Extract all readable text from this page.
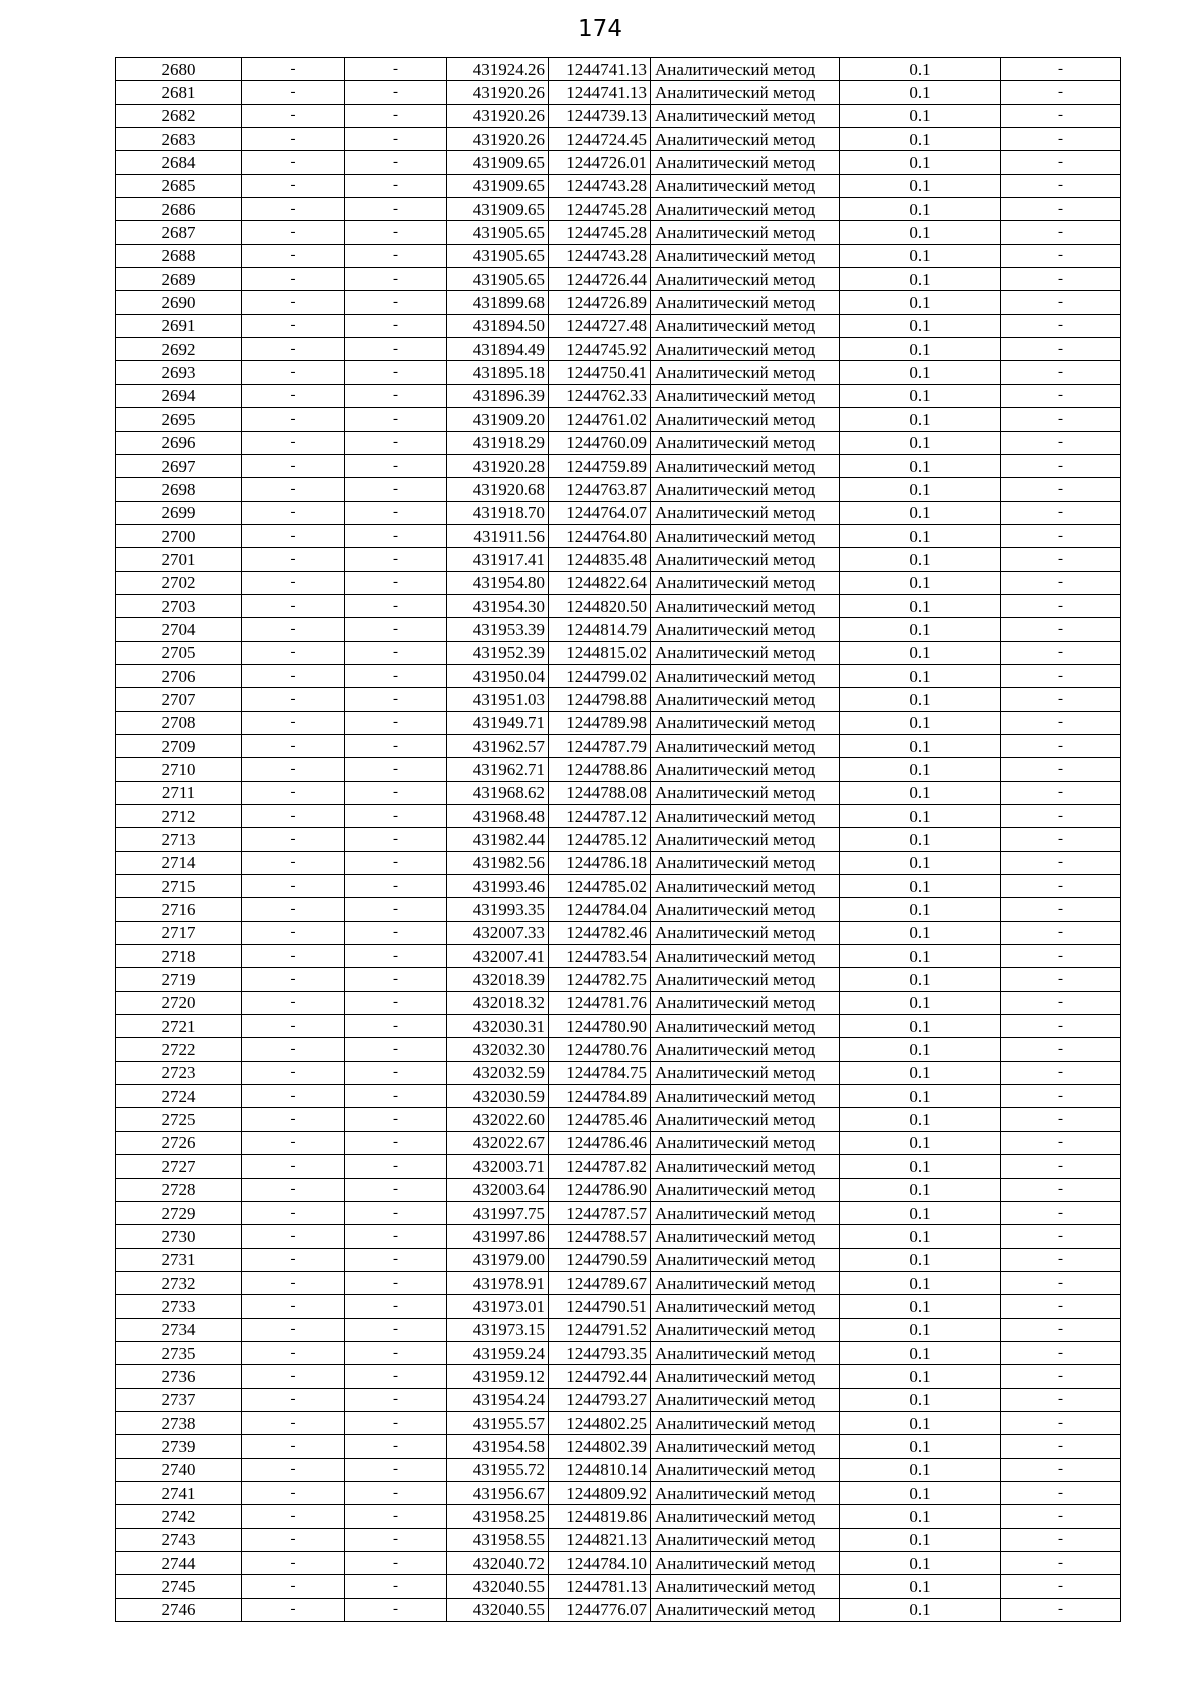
174
2680	-	-	431924.26	1244741.13	Аналитический метод	0.1	-
2681	-	-	431920.26	1244741.13	Аналитический метод	0.1	-
2682	-	-	431920.26	1244739.13	Аналитический метод	0.1	-
2683	-	-	431920.26	1244724.45	Аналитический метод	0.1	-
2684	-	-	431909.65	1244726.01	Аналитический метод	0.1	-
2685	-	-	431909.65	1244743.28	Аналитический метод	0.1	-
2686	-	-	431909.65	1244745.28	Аналитический метод	0.1	-
2687	-	-	431905.65	1244745.28	Аналитический метод	0.1	-
2688	-	-	431905.65	1244743.28	Аналитический метод	0.1	-
2689	-	-	431905.65	1244726.44	Аналитический метод	0.1	-
2690	-	-	431899.68	1244726.89	Аналитический метод	0.1	-
2691	-	-	431894.50	1244727.48	Аналитический метод	0.1	-
2692	-	-	431894.49	1244745.92	Аналитический метод	0.1	-
2693	-	-	431895.18	1244750.41	Аналитический метод	0.1	-
2694	-	-	431896.39	1244762.33	Аналитический метод	0.1	-
2695	-	-	431909.20	1244761.02	Аналитический метод	0.1	-
2696	-	-	431918.29	1244760.09	Аналитический метод	0.1	-
2697	-	-	431920.28	1244759.89	Аналитический метод	0.1	-
2698	-	-	431920.68	1244763.87	Аналитический метод	0.1	-
2699	-	-	431918.70	1244764.07	Аналитический метод	0.1	-
2700	-	-	431911.56	1244764.80	Аналитический метод	0.1	-
2701	-	-	431917.41	1244835.48	Аналитический метод	0.1	-
2702	-	-	431954.80	1244822.64	Аналитический метод	0.1	-
2703	-	-	431954.30	1244820.50	Аналитический метод	0.1	-
2704	-	-	431953.39	1244814.79	Аналитический метод	0.1	-
2705	-	-	431952.39	1244815.02	Аналитический метод	0.1	-
2706	-	-	431950.04	1244799.02	Аналитический метод	0.1	-
2707	-	-	431951.03	1244798.88	Аналитический метод	0.1	-
2708	-	-	431949.71	1244789.98	Аналитический метод	0.1	-
2709	-	-	431962.57	1244787.79	Аналитический метод	0.1	-
2710	-	-	431962.71	1244788.86	Аналитический метод	0.1	-
2711	-	-	431968.62	1244788.08	Аналитический метод	0.1	-
2712	-	-	431968.48	1244787.12	Аналитический метод	0.1	-
2713	-	-	431982.44	1244785.12	Аналитический метод	0.1	-
2714	-	-	431982.56	1244786.18	Аналитический метод	0.1	-
2715	-	-	431993.46	1244785.02	Аналитический метод	0.1	-
2716	-	-	431993.35	1244784.04	Аналитический метод	0.1	-
2717	-	-	432007.33	1244782.46	Аналитический метод	0.1	-
2718	-	-	432007.41	1244783.54	Аналитический метод	0.1	-
2719	-	-	432018.39	1244782.75	Аналитический метод	0.1	-
2720	-	-	432018.32	1244781.76	Аналитический метод	0.1	-
2721	-	-	432030.31	1244780.90	Аналитический метод	0.1	-
2722	-	-	432032.30	1244780.76	Аналитический метод	0.1	-
2723	-	-	432032.59	1244784.75	Аналитический метод	0.1	-
2724	-	-	432030.59	1244784.89	Аналитический метод	0.1	-
2725	-	-	432022.60	1244785.46	Аналитический метод	0.1	-
2726	-	-	432022.67	1244786.46	Аналитический метод	0.1	-
2727	-	-	432003.71	1244787.82	Аналитический метод	0.1	-
2728	-	-	432003.64	1244786.90	Аналитический метод	0.1	-
2729	-	-	431997.75	1244787.57	Аналитический метод	0.1	-
2730	-	-	431997.86	1244788.57	Аналитический метод	0.1	-
2731	-	-	431979.00	1244790.59	Аналитический метод	0.1	-
2732	-	-	431978.91	1244789.67	Аналитический метод	0.1	-
2733	-	-	431973.01	1244790.51	Аналитический метод	0.1	-
2734	-	-	431973.15	1244791.52	Аналитический метод	0.1	-
2735	-	-	431959.24	1244793.35	Аналитический метод	0.1	-
2736	-	-	431959.12	1244792.44	Аналитический метод	0.1	-
2737	-	-	431954.24	1244793.27	Аналитический метод	0.1	-
2738	-	-	431955.57	1244802.25	Аналитический метод	0.1	-
2739	-	-	431954.58	1244802.39	Аналитический метод	0.1	-
2740	-	-	431955.72	1244810.14	Аналитический метод	0.1	-
2741	-	-	431956.67	1244809.92	Аналитический метод	0.1	-
2742	-	-	431958.25	1244819.86	Аналитический метод	0.1	-
2743	-	-	431958.55	1244821.13	Аналитический метод	0.1	-
2744	-	-	432040.72	1244784.10	Аналитический метод	0.1	-
2745	-	-	432040.55	1244781.13	Аналитический метод	0.1	-
2746	-	-	432040.55	1244776.07	Аналитический метод	0.1	-
